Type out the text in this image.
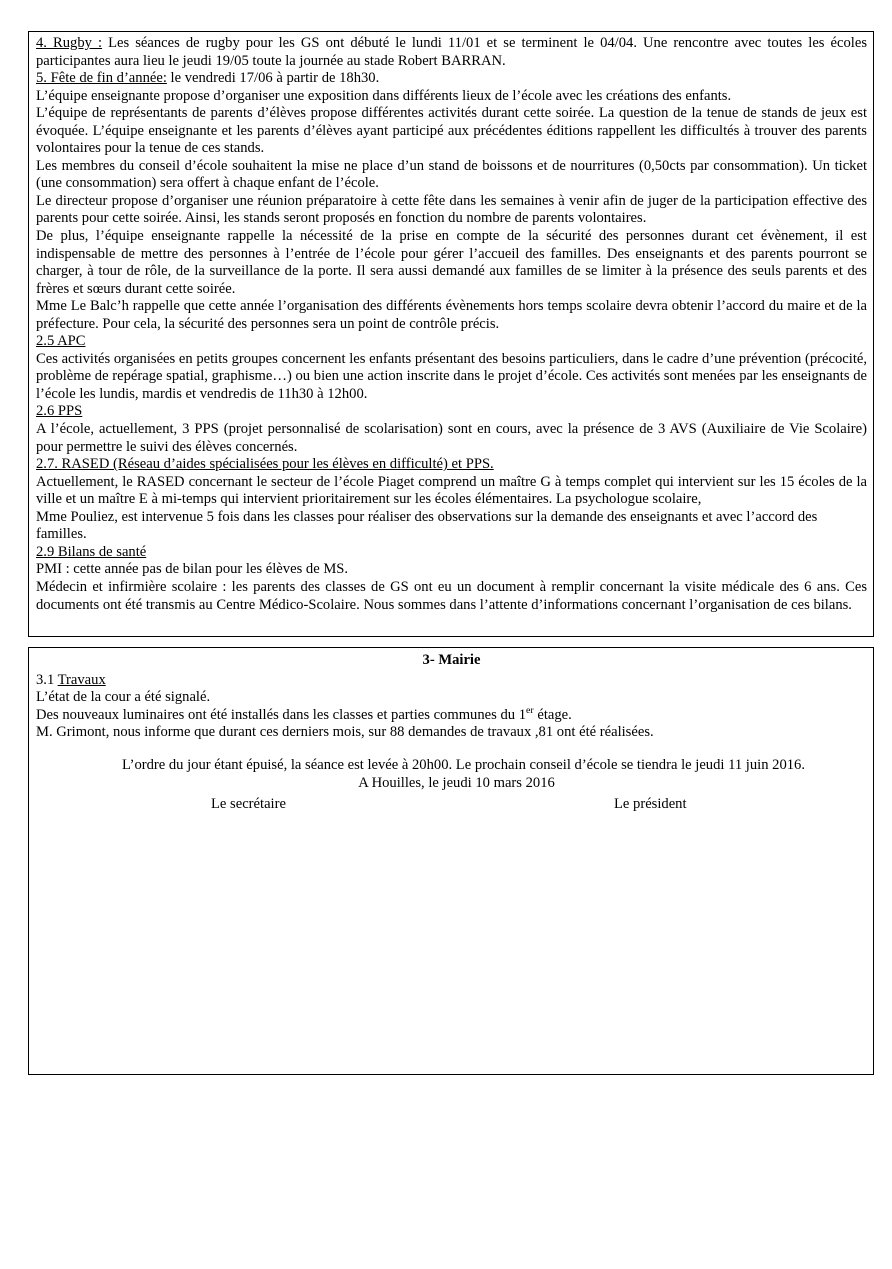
4. Rugby : Les séances de rugby pour les GS ont débuté le lundi 11/01 et se terminent le 04/04. Une rencontre avec toutes les écoles participantes aura lieu le jeudi 19/05 toute la journée au stade Robert BARRAN.

5. Fête de fin d’année: le vendredi 17/06 à partir de 18h30.

L’équipe enseignante propose d’organiser une exposition dans différents lieux de l’école avec les créations des enfants.

L’équipe de représentants de parents d’élèves propose différentes activités durant cette soirée. La question de la tenue de stands de jeux est évoquée. L’équipe enseignante et les parents d’élèves ayant participé aux précédentes éditions rappellent les difficultés à trouver des parents volontaires pour la tenue de ces stands.

Les membres du conseil d’école souhaitent la mise ne place d’un stand de boissons et de nourritures (0,50cts par consommation). Un ticket (une consommation) sera offert à chaque enfant de l’école.

Le directeur propose d’organiser une réunion préparatoire à cette fête dans les semaines à venir afin de juger de la participation effective des parents pour cette soirée. Ainsi, les stands seront proposés en fonction du nombre de parents volontaires.

De plus, l’équipe enseignante rappelle la nécessité de la prise en compte de la sécurité des personnes durant cet évènement, il est indispensable de mettre des personnes à l’entrée de l’école pour gérer l’accueil des familles. Des enseignants et des parents pourront se charger, à tour de rôle, de la surveillance de la porte. Il sera aussi demandé aux familles de se limiter à la présence des seuls parents et des frères et sœurs durant cette soirée.

Mme Le Balc’h rappelle que cette année l’organisation des différents évènements hors temps scolaire devra obtenir l’accord du maire et de la préfecture. Pour cela, la sécurité des personnes sera un point de contrôle précis.

2.5 APC

Ces activités organisées en petits groupes concernent les enfants présentant des besoins particuliers, dans le cadre d’une prévention (précocité, problème de repérage spatial, graphisme…) ou bien une action inscrite dans le projet d’école. Ces activités sont menées par les enseignants de l’école les lundis, mardis et vendredis de 11h30 à 12h00.

2.6 PPS

A l’école, actuellement, 3 PPS (projet personnalisé de scolarisation) sont en cours, avec la présence de 3 AVS (Auxiliaire de Vie Scolaire) pour permettre le suivi des élèves concernés.

2.7. RASED (Réseau d’aides spécialisées pour les élèves en difficulté) et PPS.

Actuellement, le RASED concernant le secteur de l’école Piaget comprend un maître G à temps complet qui intervient sur les 15 écoles de la ville et un maître E à mi-temps qui intervient prioritairement sur les écoles élémentaires. La psychologue scolaire,

Mme Pouliez, est intervenue 5 fois dans les classes pour réaliser des observations sur la demande des enseignants et avec l’accord des familles.

2.9 Bilans de santé

PMI : cette année pas de bilan pour les élèves de MS.

Médecin et infirmière scolaire : les parents des classes de GS ont eu un document à remplir concernant la visite médicale des 6 ans. Ces documents ont été transmis au Centre Médico-Scolaire. Nous sommes dans l’attente d’informations concernant l’organisation de ces bilans.

3- Mairie

3.1 Travaux

L’état de la cour a été signalé.

Des nouveaux luminaires ont été installés dans les classes et parties communes du 1er étage.

M. Grimont, nous informe que durant ces derniers mois, sur 88 demandes de travaux ,81 ont été réalisées.

L’ordre du jour étant épuisé, la séance est levée à 20h00. Le prochain conseil d’école se tiendra le jeudi 11 juin 2016.

A Houilles, le jeudi 10 mars 2016

Le secrétaire	Le président
